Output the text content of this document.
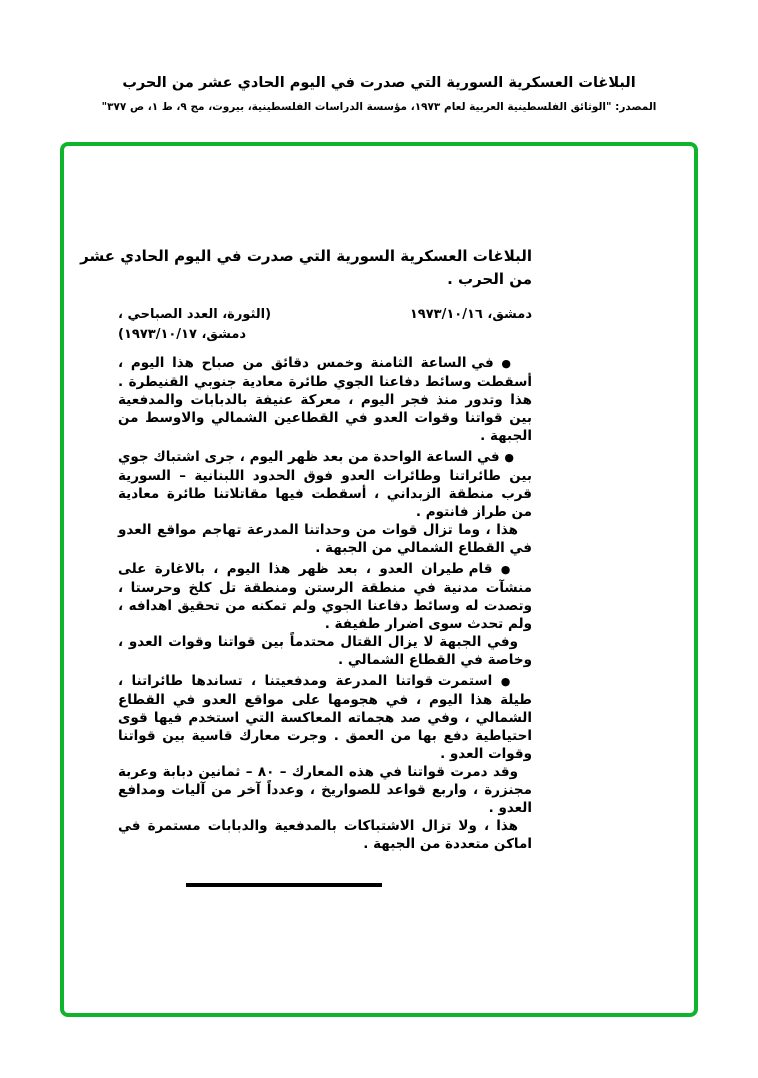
البلاغات العسكرية السورية التي صدرت في اليوم الحادي عشر من الحرب
المصدر: "الوثائق الفلسطينية العربية لعام ١٩٧٣، مؤسسة الدراسات الفلسطينية، بيروت، مج ٩، ط ١، ص ٣٧٧"
البلاغات العسكرية السورية التي صدرت في اليوم الحادي عشر
من الحرب .
دمشق، ١٩٧٣/١٠/١٦
(الثورة، العدد الصباحي ،
دمشق، ١٩٧٣/١٠/١٧)

● في الساعة الثامنة وخمس دقائق من صباح هذا اليوم ، أسقطت وسائط دفاعنا الجوي طائرة معادية جنوبي القنيطرة . هذا وتدور منذ فجر اليوم ، معركة عنيفة بالدبابات والمدفعية بين قواتنا وقوات العدو في القطاعين الشمالي والاوسط من الجبهة .

● في الساعة الواحدة من بعد ظهر اليوم ، جرى اشتباك جوي بين طائراتنا وطائرات العدو فوق الحدود اللبنانية – السورية قرب منطقة الزبداني ، أسقطت فيها مقاتلاتنا طائرة معادية من طراز فانتوم .

هذا ، وما تزال قوات من وحداتنا المدرعة تهاجم مواقع العدو في القطاع الشمالي من الجبهة .

● قام طيران العدو ، بعد ظهر هذا اليوم ، بالاغارة على منشآت مدنية في منطقة الرستن ومنطقة تل كلخ وحرستا ، وتصدت له وسائط دفاعنا الجوي ولم تمكنه من تحقيق اهدافه ، ولم تحدث سوى اضرار طفيفة .

وفي الجبهة لا يزال القتال محتدماً بين قواتنا وقوات العدو ، وخاصة في القطاع الشمالي .

● استمرت قواتنا المدرعة ومدفعيتنا ، تساندها طائراتنا ، طيلة هذا اليوم ، في هجومها على مواقع العدو في القطاع الشمالي ، وفي صد هجماته المعاكسة التي استخدم فيها قوى احتياطية دفع بها من العمق . وجرت معارك قاسية بين قواتنا وقوات العدو .

وقد دمرت قواتنا في هذه المعارك – ٨٠ – ثمانين دبابة وعربة مجنزرة ، واربع قواعد للصواريخ ، وعدداً آخر من آليات ومدافع العدو .

هذا ، ولا تزال الاشتباكات بالمدفعية والدبابات مستمرة في اماكن متعددة من الجبهة .
